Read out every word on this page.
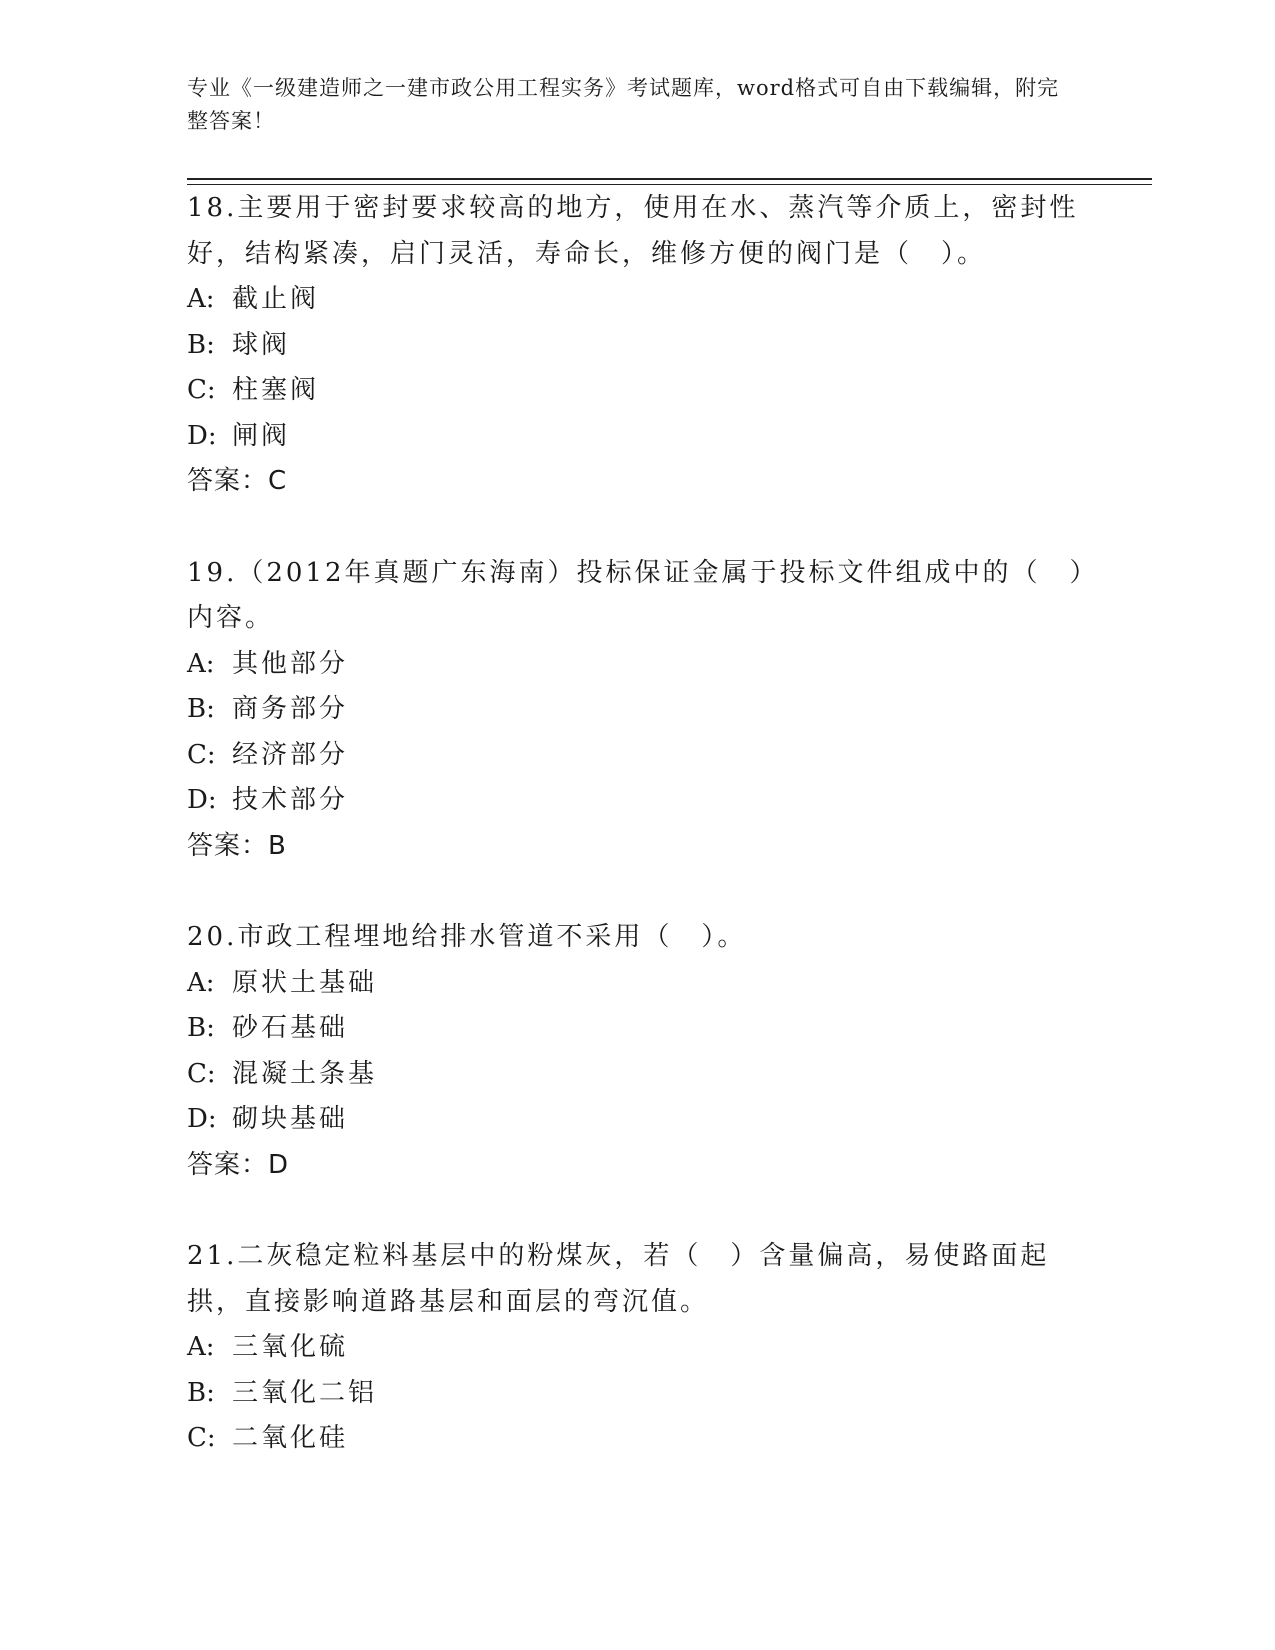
专业《一级建造师之一建市政公用工程实务》考试题库，word格式可自由下载编辑，附完整答案！
18.主要用于密封要求较高的地方，使用在水、蒸汽等介质上，密封性好，结构紧凑，启门灵活，寿命长，维修方便的阀门是（　）。
A: 截止阀
B: 球阀
C: 柱塞阀
D: 闸阀
答案：C
19.（2012年真题广东海南）投标保证金属于投标文件组成中的（　）内容。
A: 其他部分
B: 商务部分
C: 经济部分
D: 技术部分
答案：B
20.市政工程埋地给排水管道不采用（　）。
A: 原状土基础
B: 砂石基础
C: 混凝土条基
D: 砌块基础
答案：D
21.二灰稳定粒料基层中的粉煤灰，若（　）含量偏高，易使路面起拱，直接影响道路基层和面层的弯沉值。
A: 三氧化硫
B: 三氧化二铝
C: 二氧化硅
